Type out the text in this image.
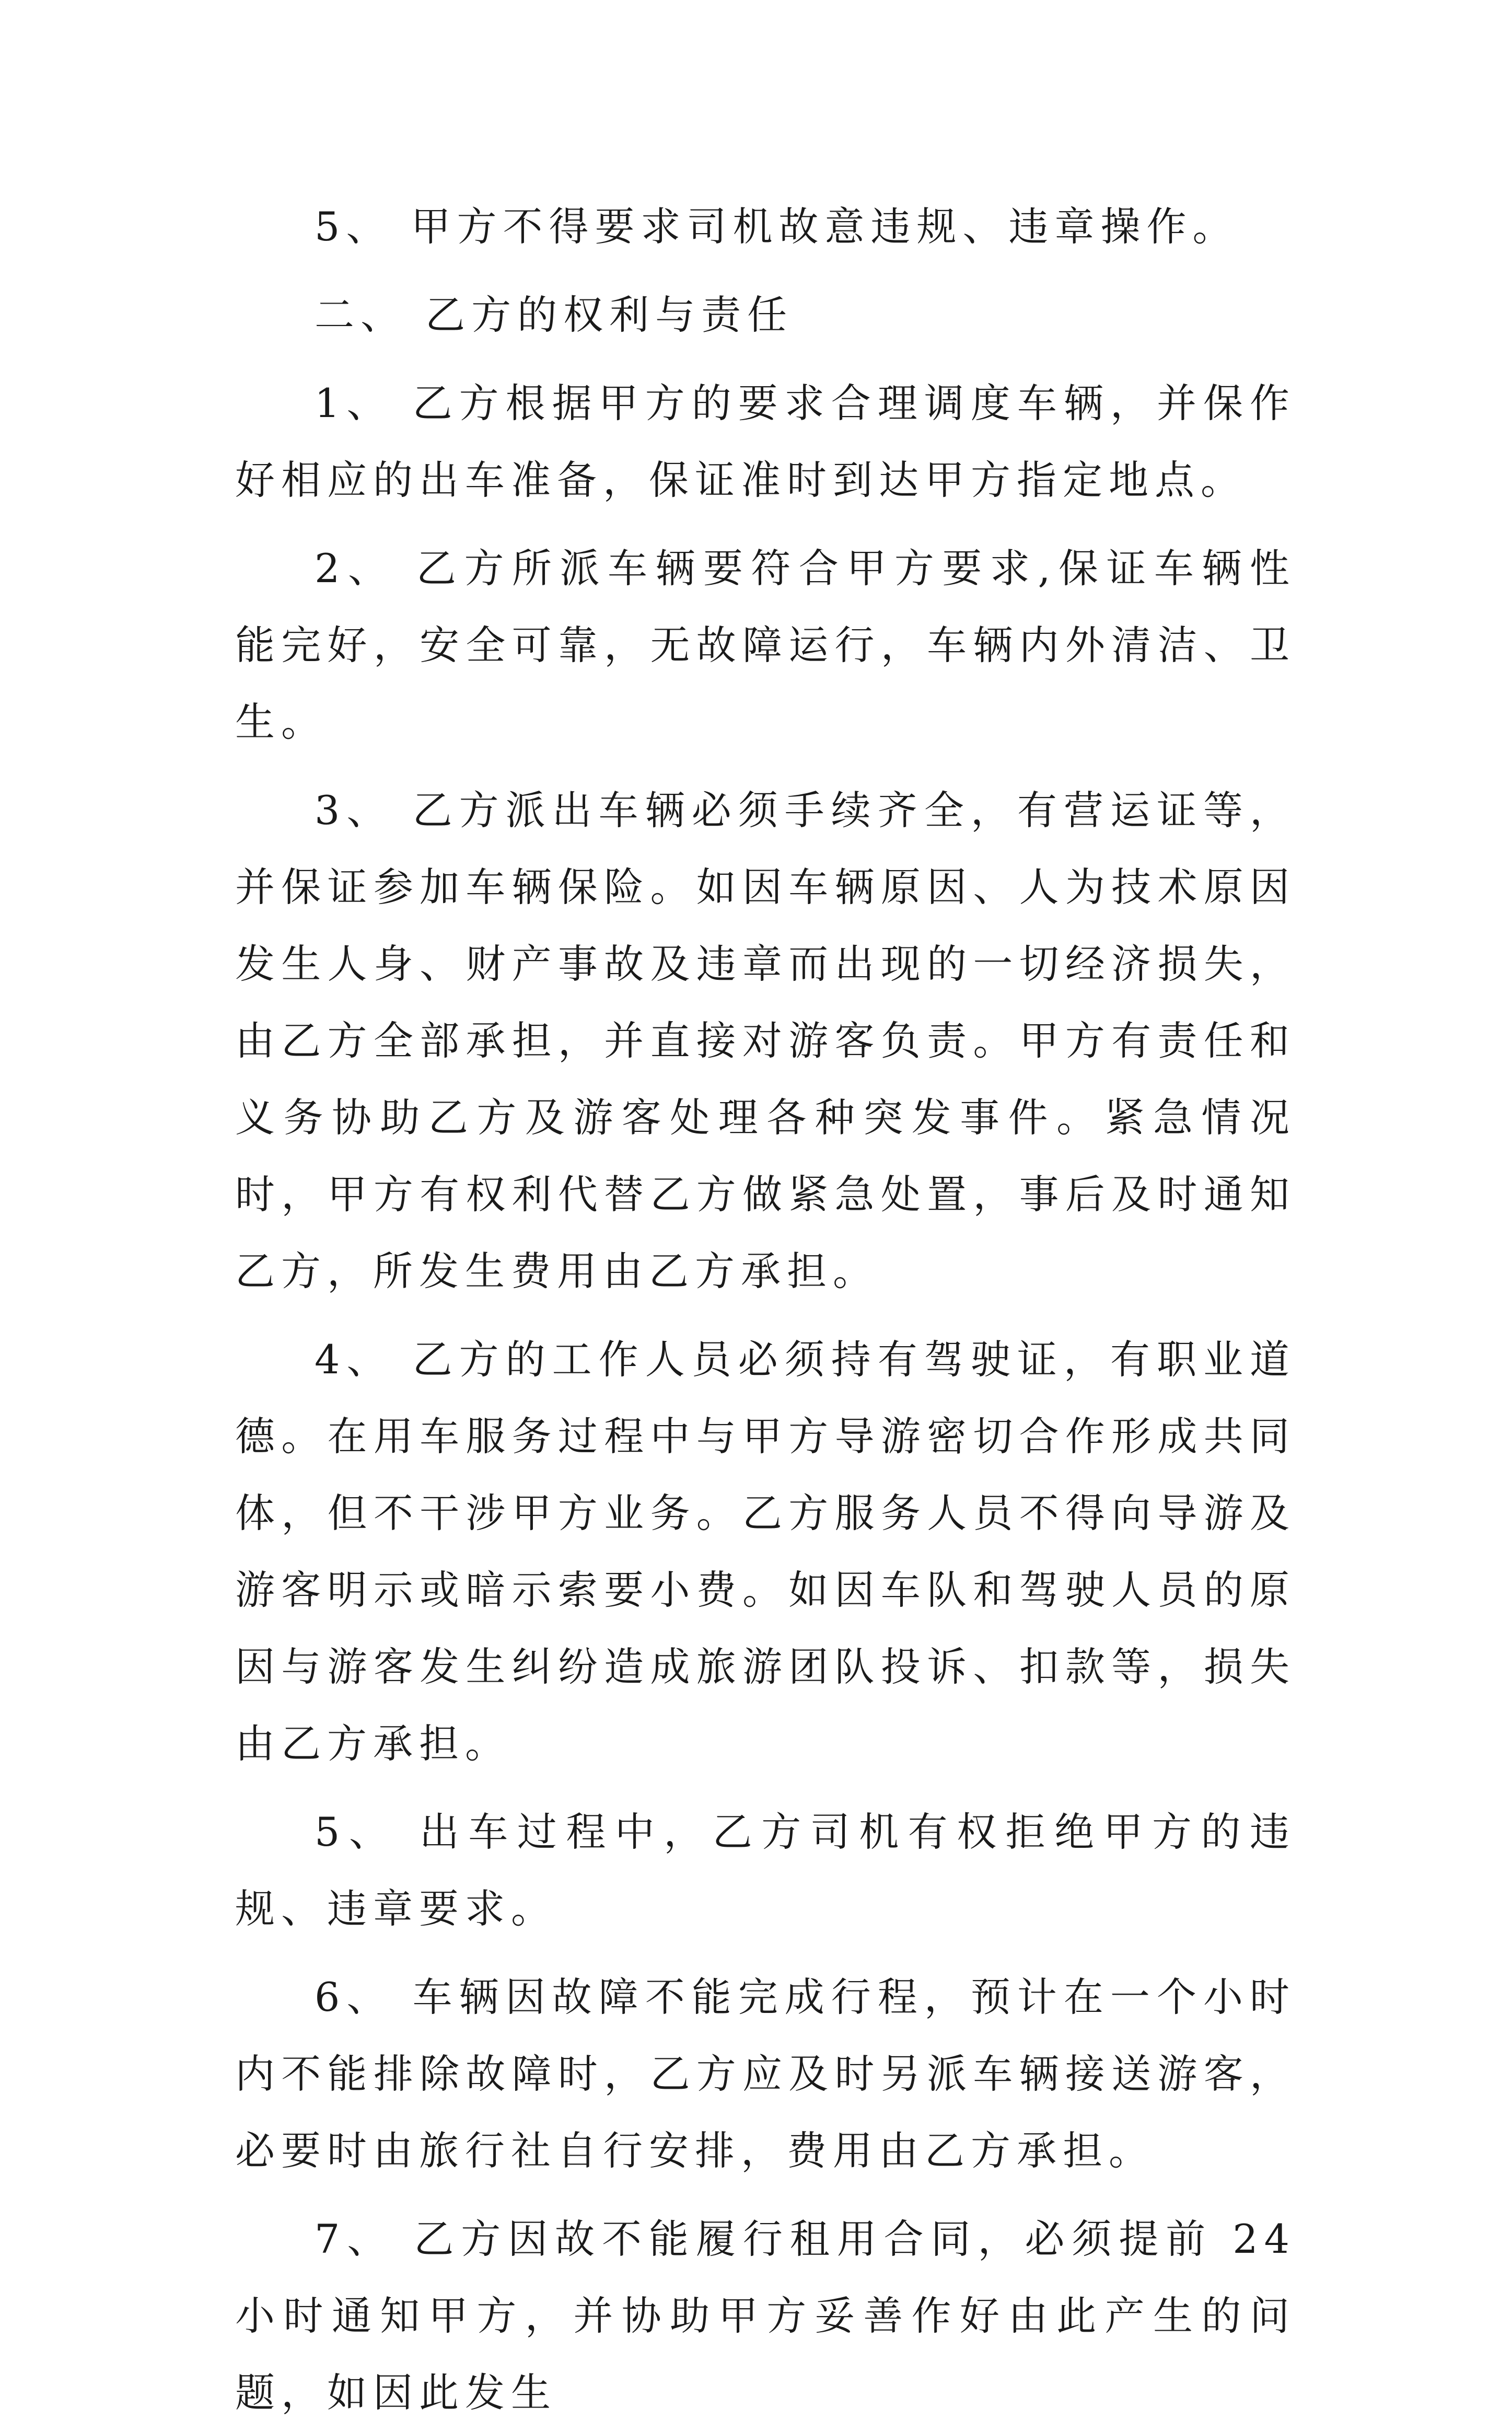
5、 甲方不得要求司机故意违规、违章操作。

二、 乙方的权利与责任

1、 乙方根据甲方的要求合理调度车辆，并保作好相应的出车准备，保证准时到达甲方指定地点。

2、 乙方所派车辆要符合甲方要求,保证车辆性能完好，安全可靠，无故障运行，车辆内外清洁、卫生。

3、 乙方派出车辆必须手续齐全，有营运证等，并保证参加车辆保险。如因车辆原因、人为技术原因发生人身、财产事故及违章而出现的一切经济损失，由乙方全部承担，并直接对游客负责。甲方有责任和义务协助乙方及游客处理各种突发事件。紧急情况时，甲方有权利代替乙方做紧急处置，事后及时通知乙方，所发生费用由乙方承担。

4、 乙方的工作人员必须持有驾驶证，有职业道德。在用车服务过程中与甲方导游密切合作形成共同体，但不干涉甲方业务。乙方服务人员不得向导游及游客明示或暗示索要小费。如因车队和驾驶人员的原因与游客发生纠纷造成旅游团队投诉、扣款等，损失由乙方承担。

5、 出车过程中，乙方司机有权拒绝甲方的违规、违章要求。

6、 车辆因故障不能完成行程，预计在一个小时内不能排除故障时，乙方应及时另派车辆接送游客，必要时由旅行社自行安排，费用由乙方承担。

7、 乙方因故不能履行租用合同，必须提前 24 小时通知甲方，并协助甲方妥善作好由此产生的问题，如因此发生
